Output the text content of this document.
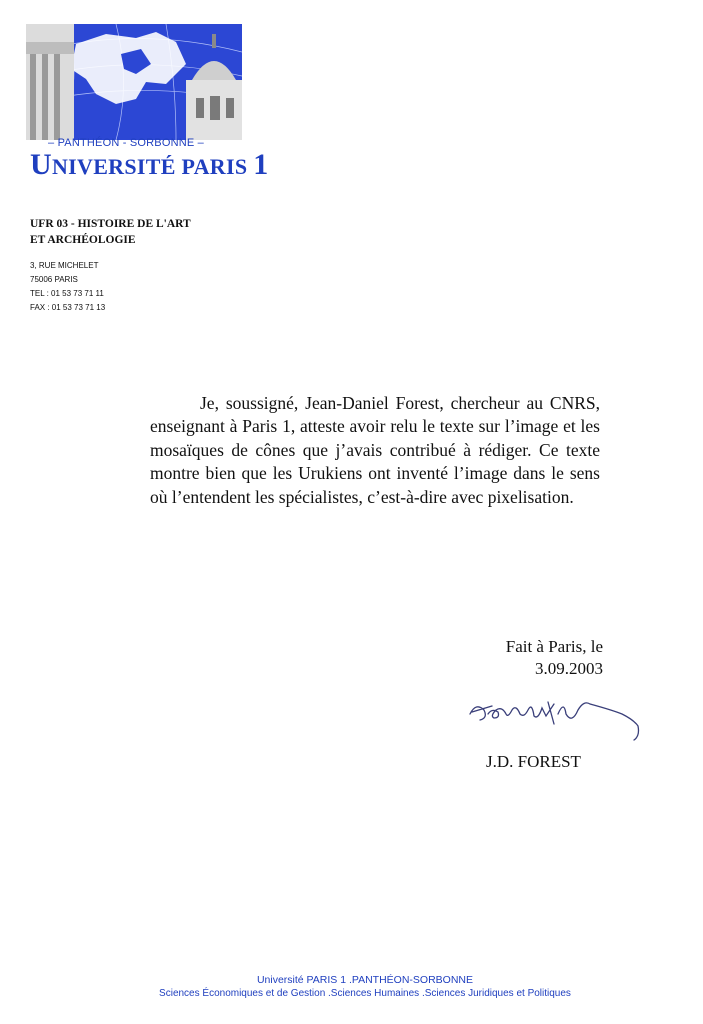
– PANTHÉON - SORBONNE –
UNIVERSITÉ PARIS 1
UFR 03 - HISTOIRE DE L'ART
ET ARCHÉOLOGIE
3, RUE MICHELET
75006 PARIS
TEL : 01 53 73 71 11
FAX : 01 53 73 71 13

Je, soussigné, Jean-Daniel Forest, chercheur au CNRS, enseignant à Paris 1, atteste avoir relu le texte sur l’image et les mosaïques de cônes que j’avais contribué à rédiger. Ce texte montre bien que les Urukiens ont inventé l’image dans le sens où l’entendent les spécialistes, c’est-à-dire avec pixelisation.

Fait à Paris, le
3.09.2003
J.D. FOREST
Université PARIS 1 .PANTHÉON-SORBONNE
Sciences Économiques et de Gestion .Sciences Humaines .Sciences Juridiques et Politiques
